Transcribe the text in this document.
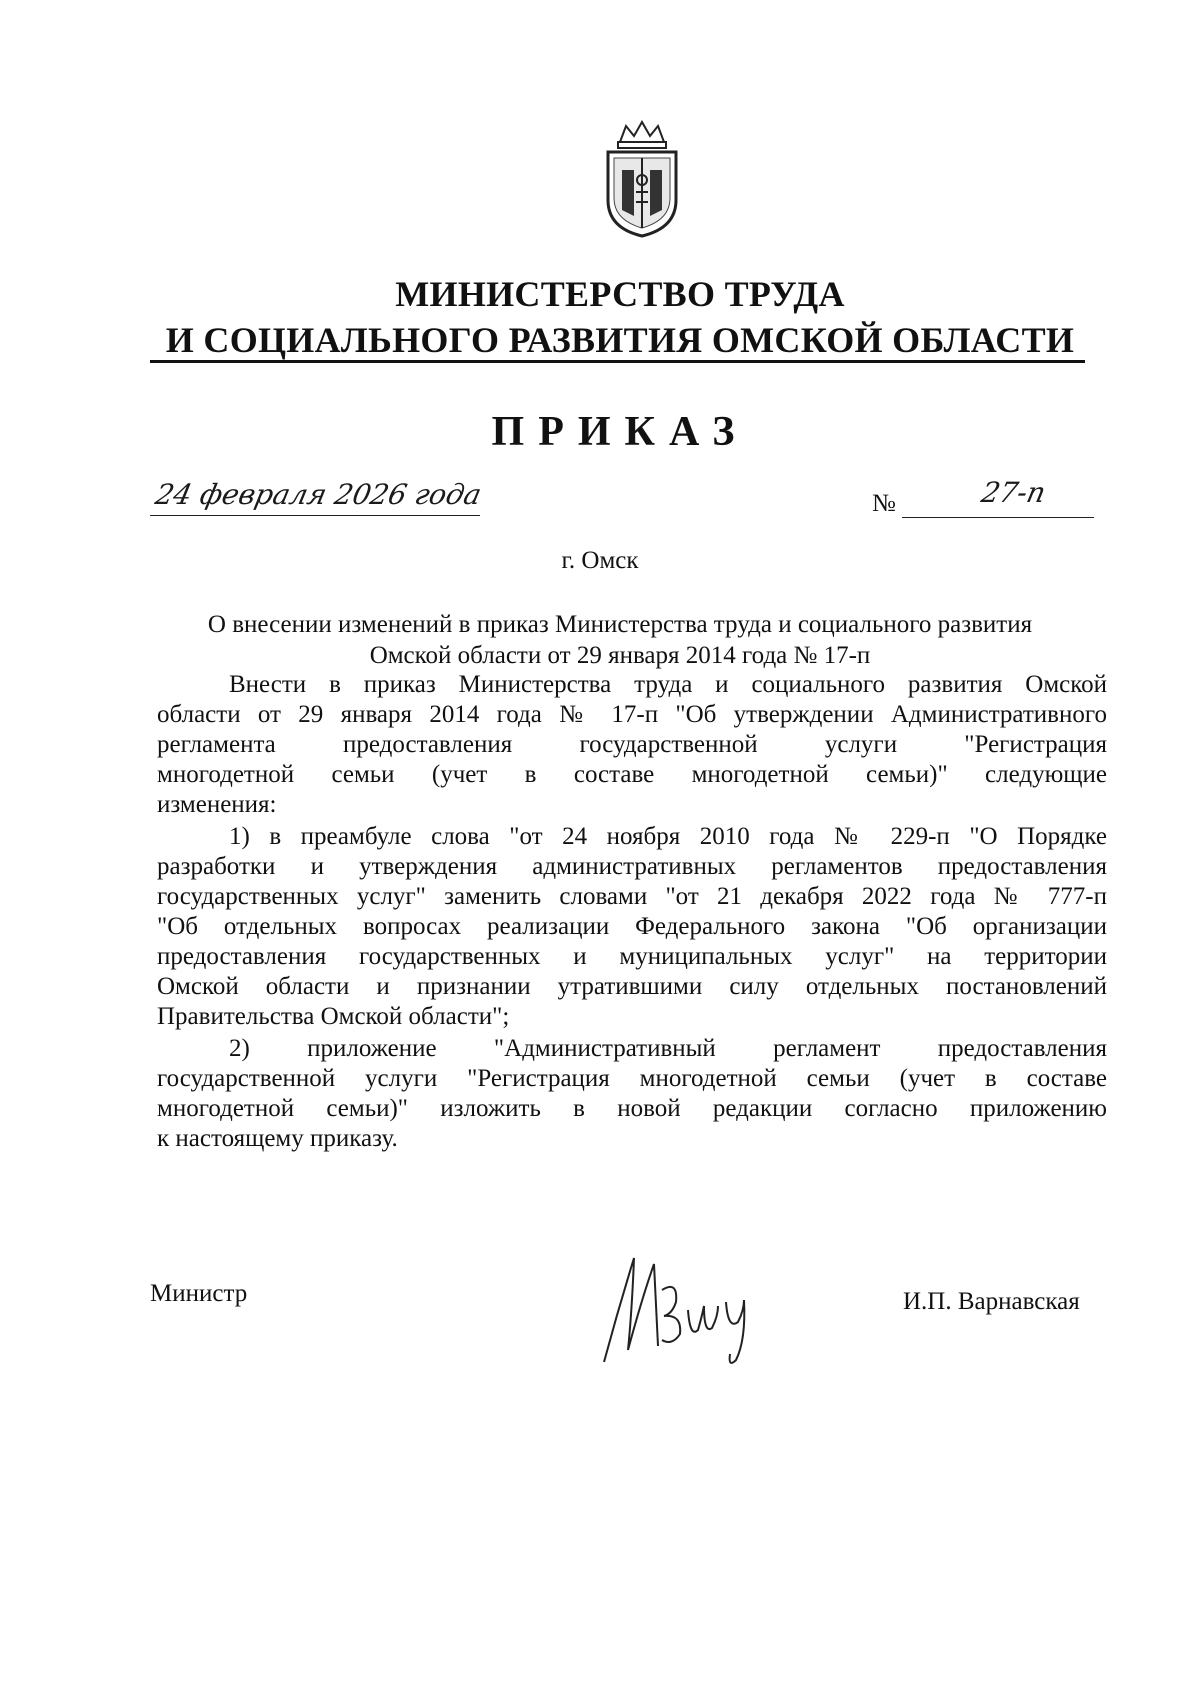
МИНИСТЕРСТВО ТРУДА
И СОЦИАЛЬНОГО РАЗВИТИЯ ОМСКОЙ ОБЛАСТИ
ПРИКАЗ
24 февраля 2026 года	№	27-п
г. Омск
О внесении изменений в приказ Министерства труда и социального развития
Омской области от 29 января 2014 года № 17-п
Внести в приказ Министерства труда и социального развития Омской
области от 29 января 2014 года № 17-п "Об утверждении Административного
регламента предоставления государственной услуги "Регистрация
многодетной семьи (учет в составе многодетной семьи)" следующие
изменения:
1) в преамбуле слова "от 24 ноября 2010 года № 229-п "О Порядке
разработки и утверждения административных регламентов предоставления
государственных услуг" заменить словами "от 21 декабря 2022 года № 777-п
"Об отдельных вопросах реализации Федерального закона "Об организации
предоставления государственных и муниципальных услуг" на территории
Омской области и признании утратившими силу отдельных постановлений
Правительства Омской области";
2) приложение "Административный регламент предоставления
государственной услуги "Регистрация многодетной семьи (учет в составе
многодетной семьи)" изложить в новой редакции согласно приложению
к настоящему приказу.
Министр	И.П. Варнавская
